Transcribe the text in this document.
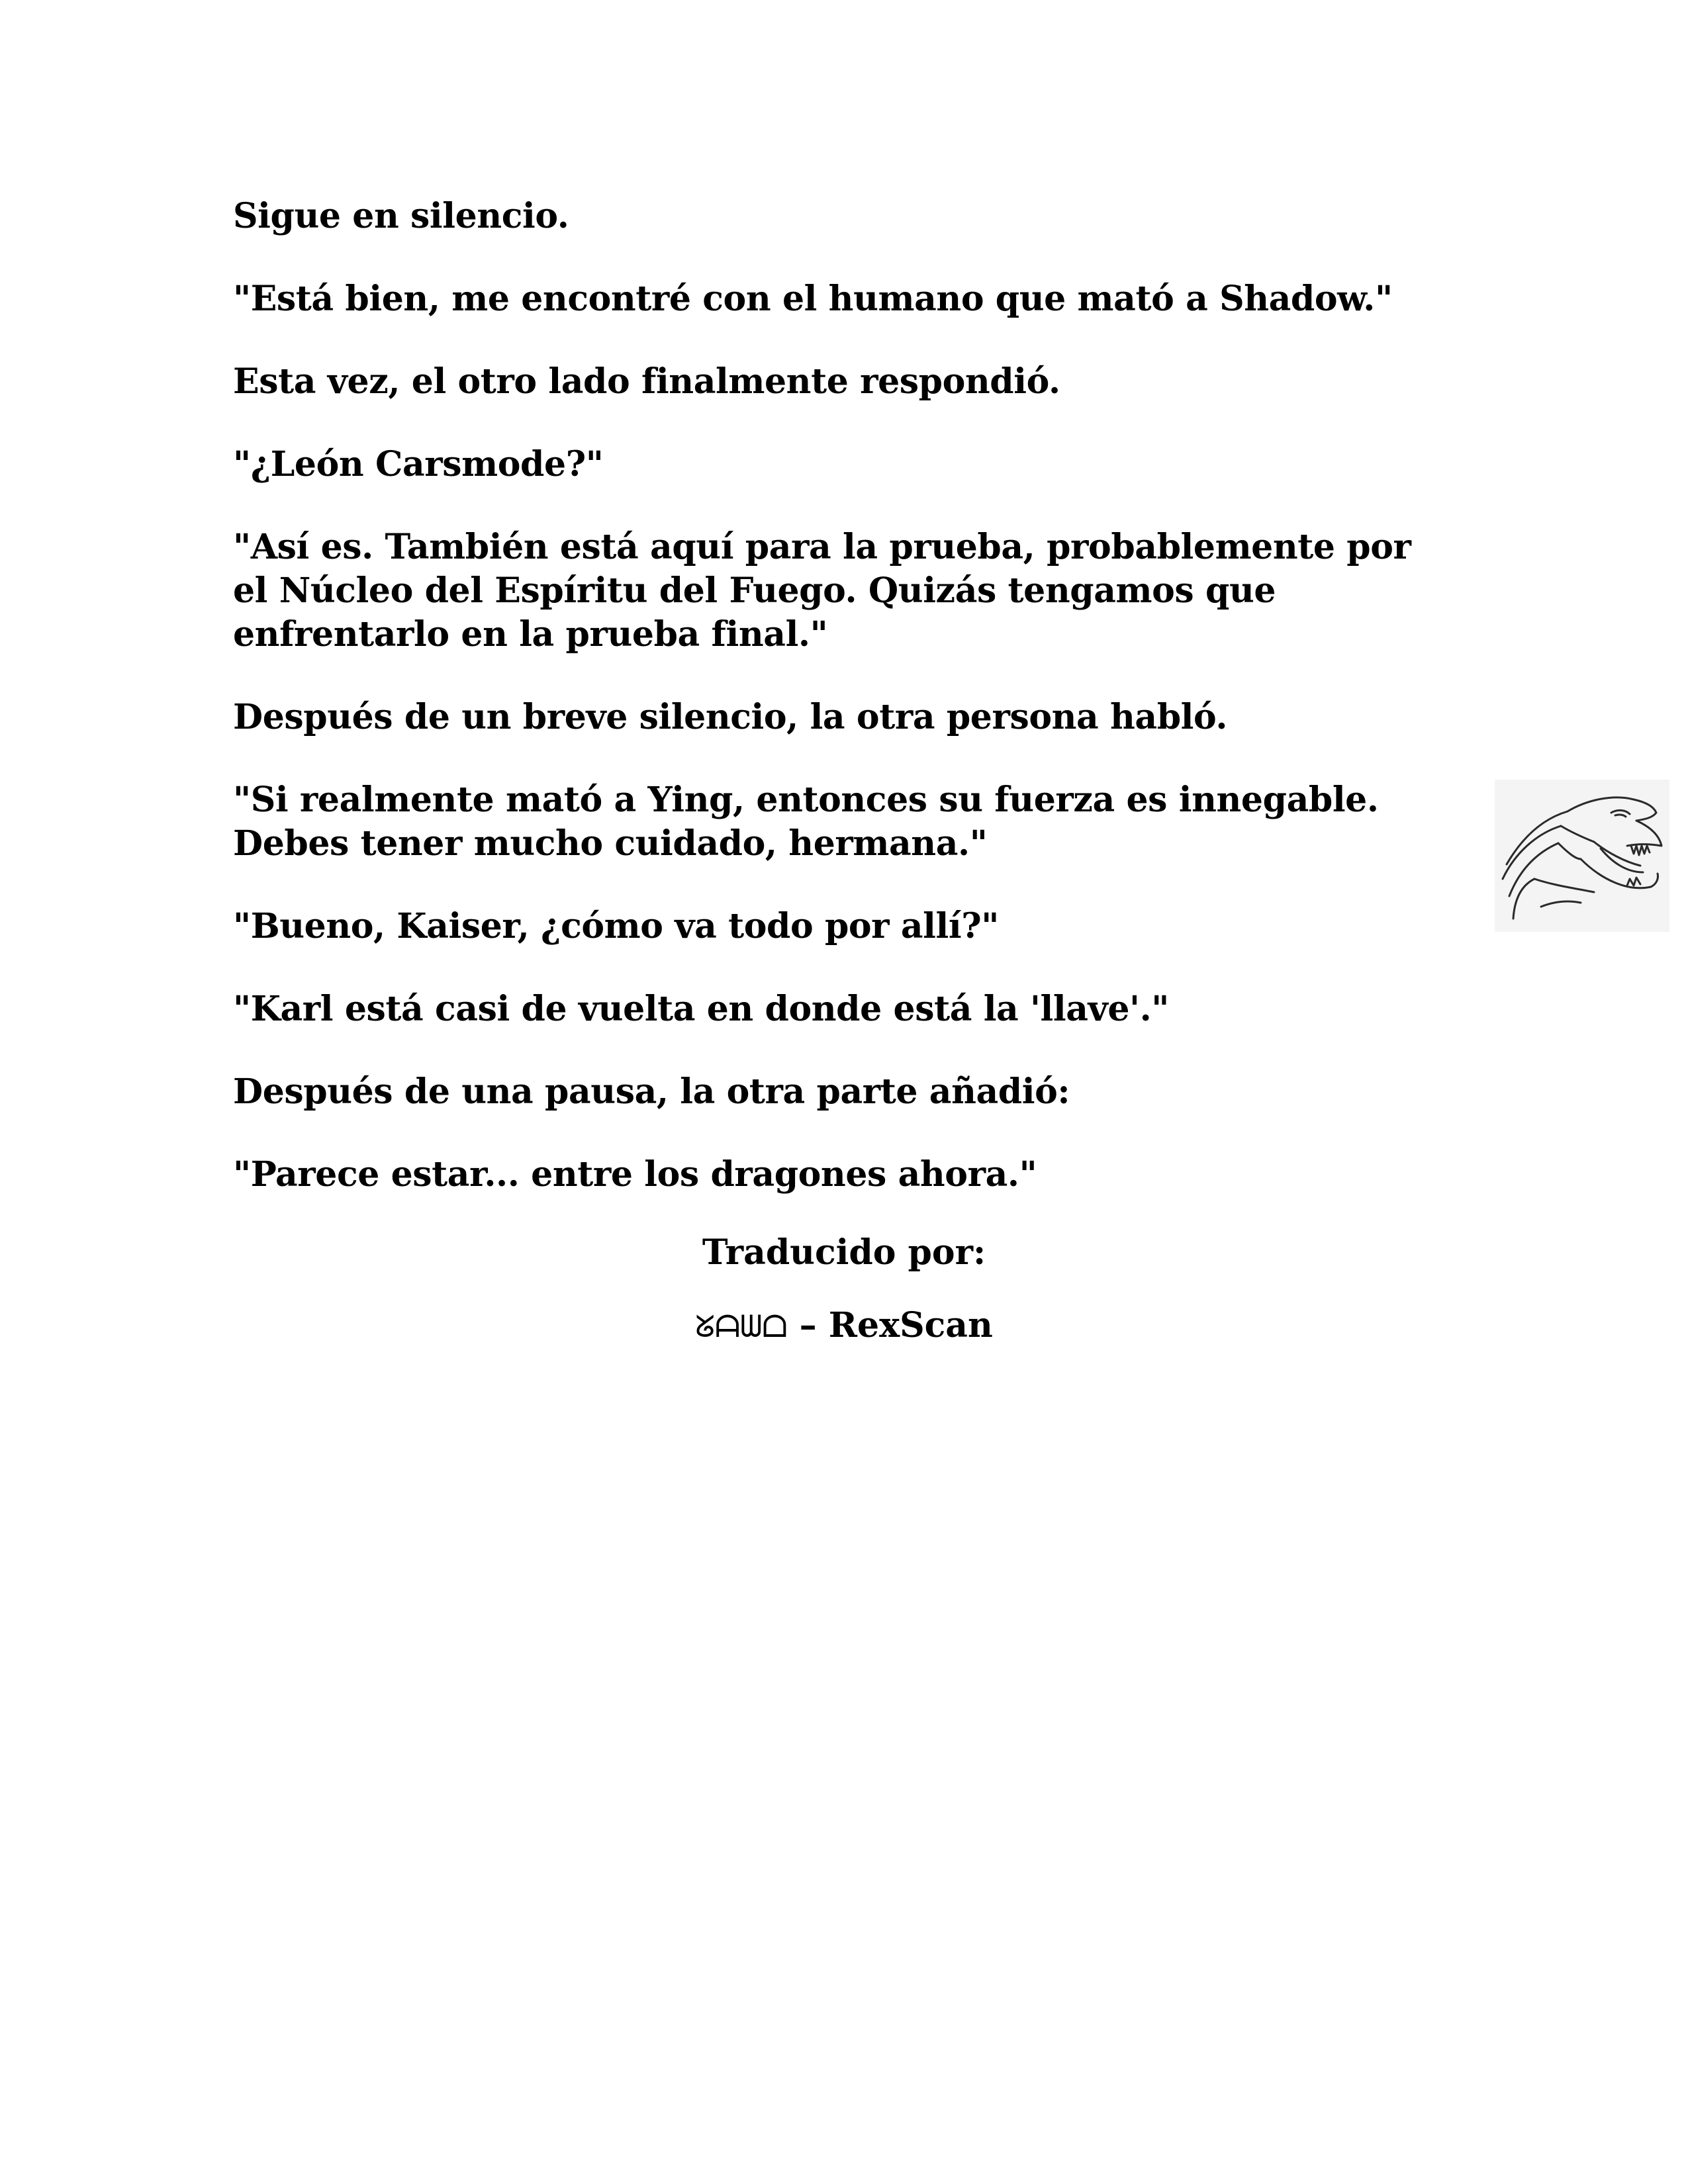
Sigue en silencio.

"Está bien, me encontré con el humano que mató a Shadow."

Esta vez, el otro lado finalmente respondió.

"¿León Carsmode?"

"Así es. También está aquí para la prueba, probablemente por
el Núcleo del Espíritu del Fuego. Quizás tengamos que
enfrentarlo en la prueba final."

Después de un breve silencio, la otra persona habló.

"Si realmente mató a Ying, entonces su fuerza es innegable.
Debes tener mucho cuidado, hermana."

"Bueno, Kaiser, ¿cómo va todo por allí?"

"Karl está casi de vuelta en donde está la 'llave'."

Después de una pausa, la otra parte añadió:

"Parece estar... entre los dragones ahora."

Traducido por:

ᘜᗩᗯᗝ – RexScan
